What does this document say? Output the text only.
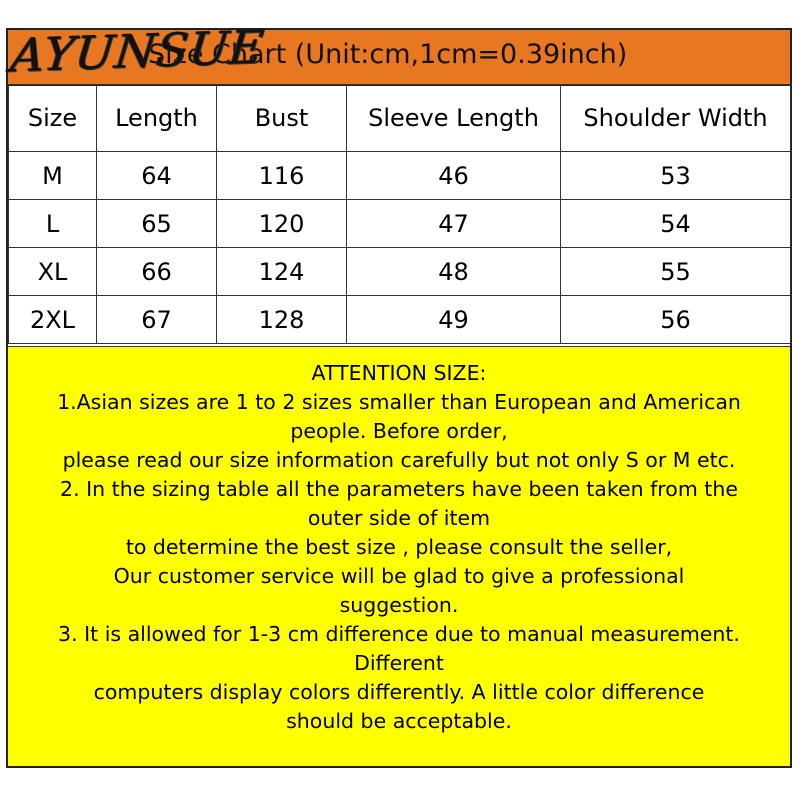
Size Chart (Unit:cm,1cm=0.39inch)
AYUNSUE
Size	Length	Bust	Sleeve Length	Shoulder Width
M	64	116	46	53
L	65	120	47	54
XL	66	124	48	55
2XL	67	128	49	56
ATTENTION SIZE:
1.Asian sizes are 1 to 2 sizes smaller than European and American
people. Before order,
please read our size information carefully but not only S or M etc.
2. In the sizing table all the parameters have been taken from the
outer side of item
to determine the best size , please consult the seller,
Our customer service will be glad to give a professional
suggestion.
3. It is allowed for 1-3 cm difference due to manual measurement.
Different
computers display colors differently. A little color difference
should be acceptable.
